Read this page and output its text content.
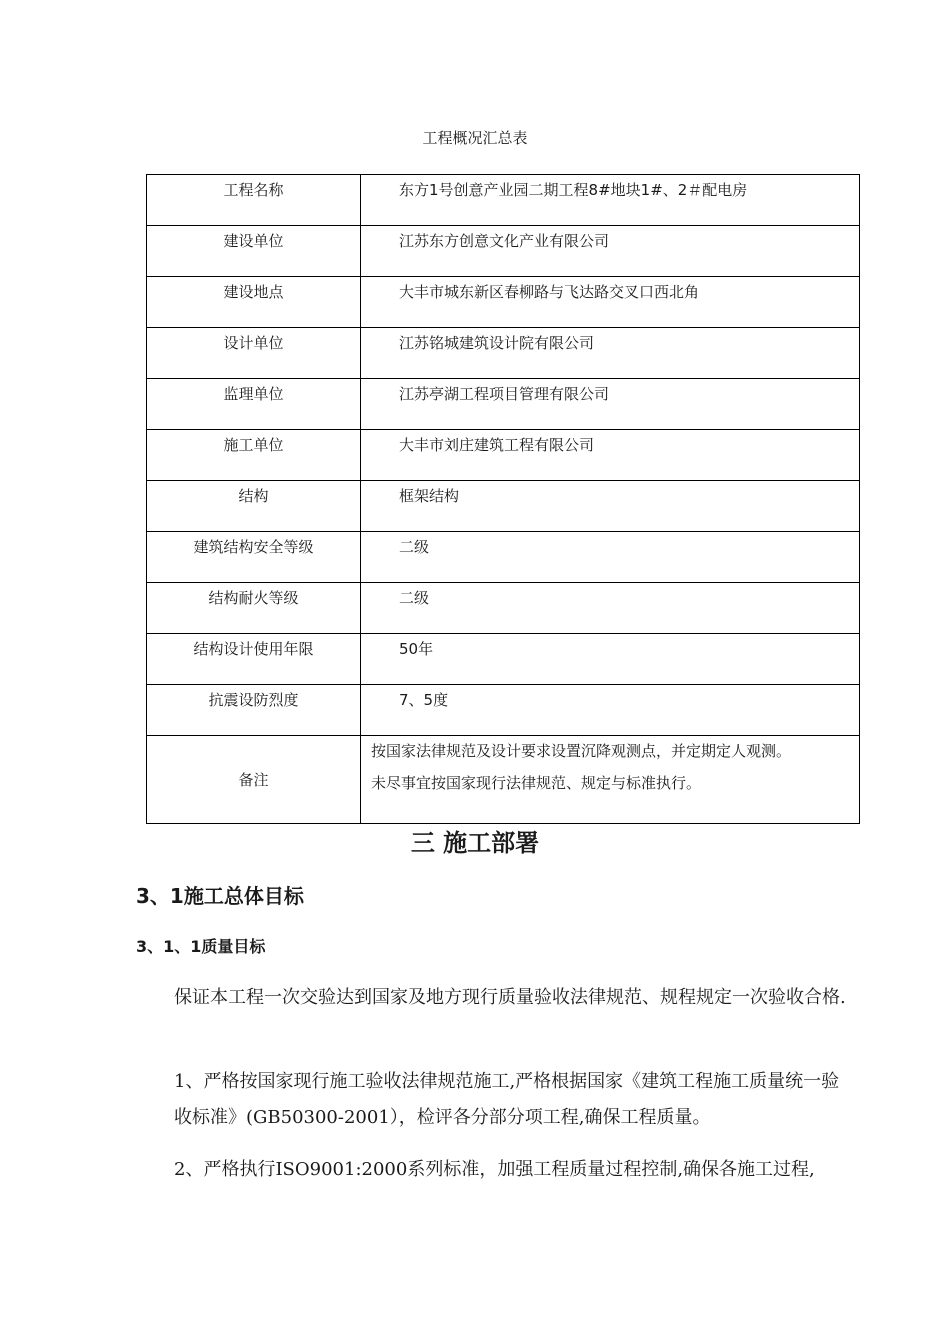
工程概况汇总表
工程名称	东方1号创意产业园二期工程8#地块1#、2＃配电房
建设单位	江苏东方创意文化产业有限公司
建设地点	大丰市城东新区春柳路与飞达路交叉口西北角
设计单位	江苏铭城建筑设计院有限公司
监理单位	江苏亭湖工程项目管理有限公司
施工单位	大丰市刘庄建筑工程有限公司
结构	框架结构
建筑结构安全等级	二级
结构耐火等级	二级
结构设计使用年限	50年
抗震设防烈度	7、5度
备注	按国家法律规范及设计要求设置沉降观测点，并定期定人观测。
未尽事宜按国家现行法律规范、规定与标准执行。
三 施工部署
3、1施工总体目标
3、1、1质量目标
保证本工程一次交验达到国家及地方现行质量验收法律规范、规程规定一次验收合格.
1、严格按国家现行施工验收法律规范施工,严格根据国家《建筑工程施工质量统一验收标准》(GB50300-2001），检评各分部分项工程,确保工程质量。
2、严格执行ISO9001:2000系列标准，加强工程质量过程控制,确保各施工过程,
